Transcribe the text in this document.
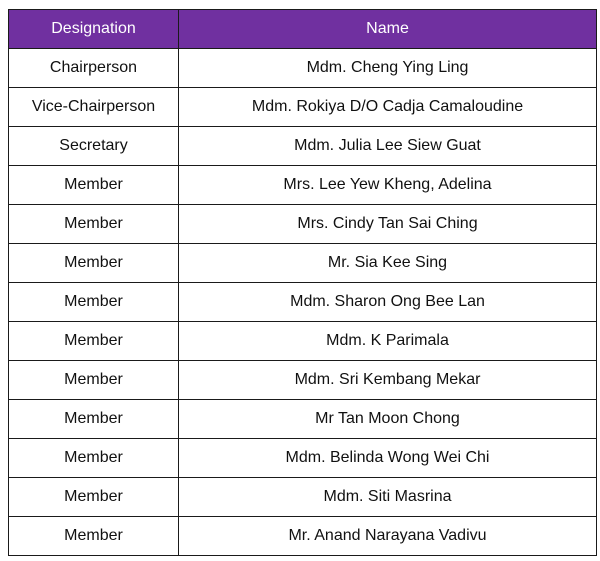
Designation	Name
Chairperson	Mdm. Cheng Ying Ling
Vice-Chairperson	Mdm. Rokiya D/O Cadja Camaloudine
Secretary	Mdm. Julia Lee Siew Guat
Member	Mrs. Lee Yew Kheng, Adelina
Member	Mrs. Cindy Tan Sai Ching
Member	Mr. Sia Kee Sing
Member	Mdm. Sharon Ong Bee Lan
Member	Mdm. K Parimala
Member	Mdm. Sri Kembang Mekar
Member	Mr Tan Moon Chong
Member	Mdm. Belinda Wong Wei Chi
Member	Mdm. Siti Masrina
Member	Mr. Anand Narayana Vadivu
